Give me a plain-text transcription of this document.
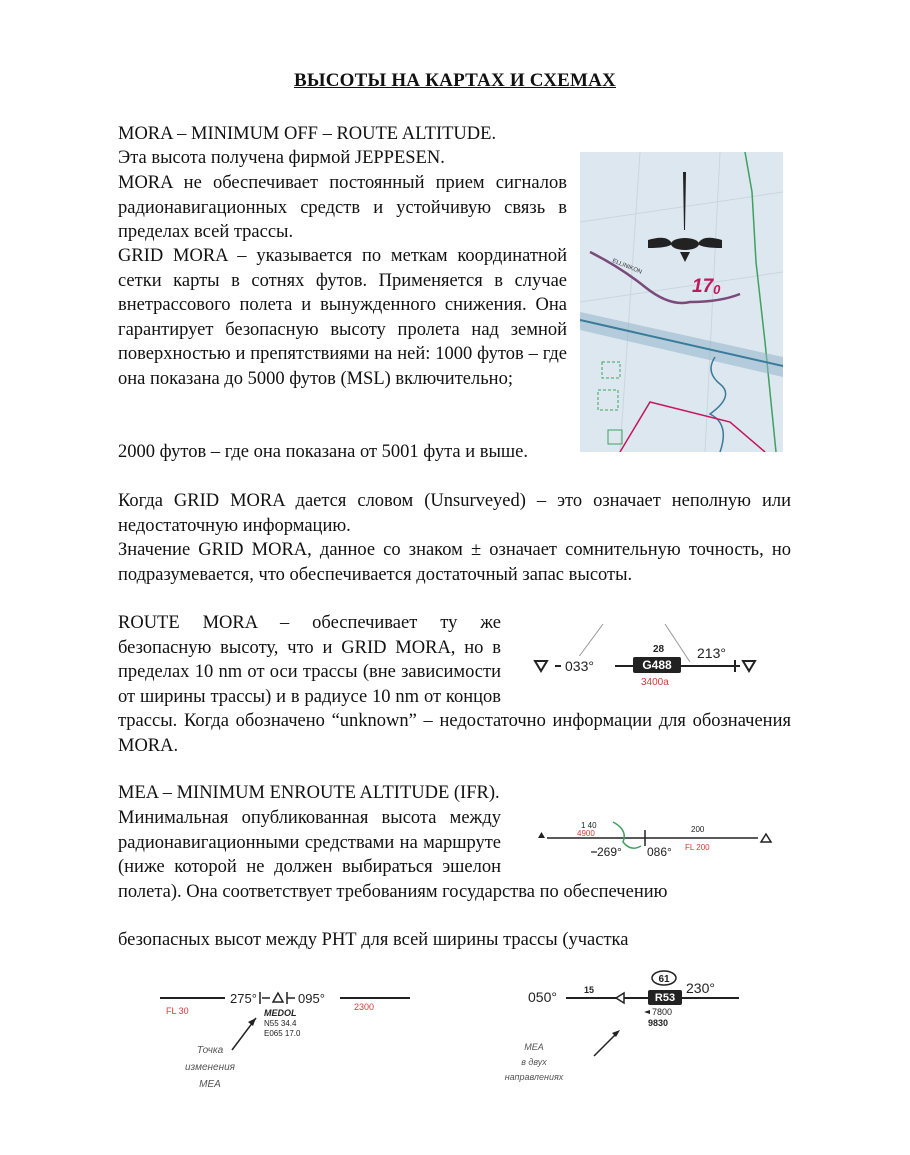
ВЫСОТЫ НА КАРТАХ И СХЕМАХ

MORA – MINIMUM OFF – ROUTE ALTITUDE.

Эта высота получена фирмой JEPPESEN.

MORA не обеспечивает постоянный прием сигналов радионавигационных средств и устойчивую связь в пределах всей трассы.

GRID MORA – указывается по меткам координатной сетки карты в сотнях футов. Применяется в случае внетрассового полета и вынужденного снижения. Она гарантирует безопасную высоту пролета над земной поверхностью и препятствиями на ней: 1000 футов – где она показана до 5000 футов (MSL) включительно;

2000 футов – где она показана от 5001 фута и выше.

Когда GRID MORA дается словом (Unsurveyed) – это означает неполную или недостаточную информацию.

Значение GRID MORA, данное со знаком ± означает сомнительную точность, но подразумевается, что обеспечивается достаточный запас высоты.

ROUTE MORA – обеспечивает ту же безопасную высоту, что и GRID MORA, но в пределах 10 nm от оси трассы (вне зависимости от ширины трассы) и в радиусе 10 nm от концов трассы. Когда обозначено “unknown” – недостаточно информации для обозначения MORA.

MEA – MINIMUM ENROUTE ALTITUDE (IFR).

Минимальная опубликованная высота между радионавигационными средствами на маршруте (ниже которой не должен выбираться эшелон полета). Она соответствует требованиям государства по обеспечению

безопасных высот между РНТ для всей ширины трассы (участка

ELLINIKON
170
033°
28
G488
3400a
213°
1 40
4900
269° 086°
200
FL 200
275°	095°
FL 30	2300
MEDOL
N55 34.4
E065 17.0
Точка
изменения
MEA
050°	15
61
R53
230°
7800
9830
MEA
в двух
направлениях
